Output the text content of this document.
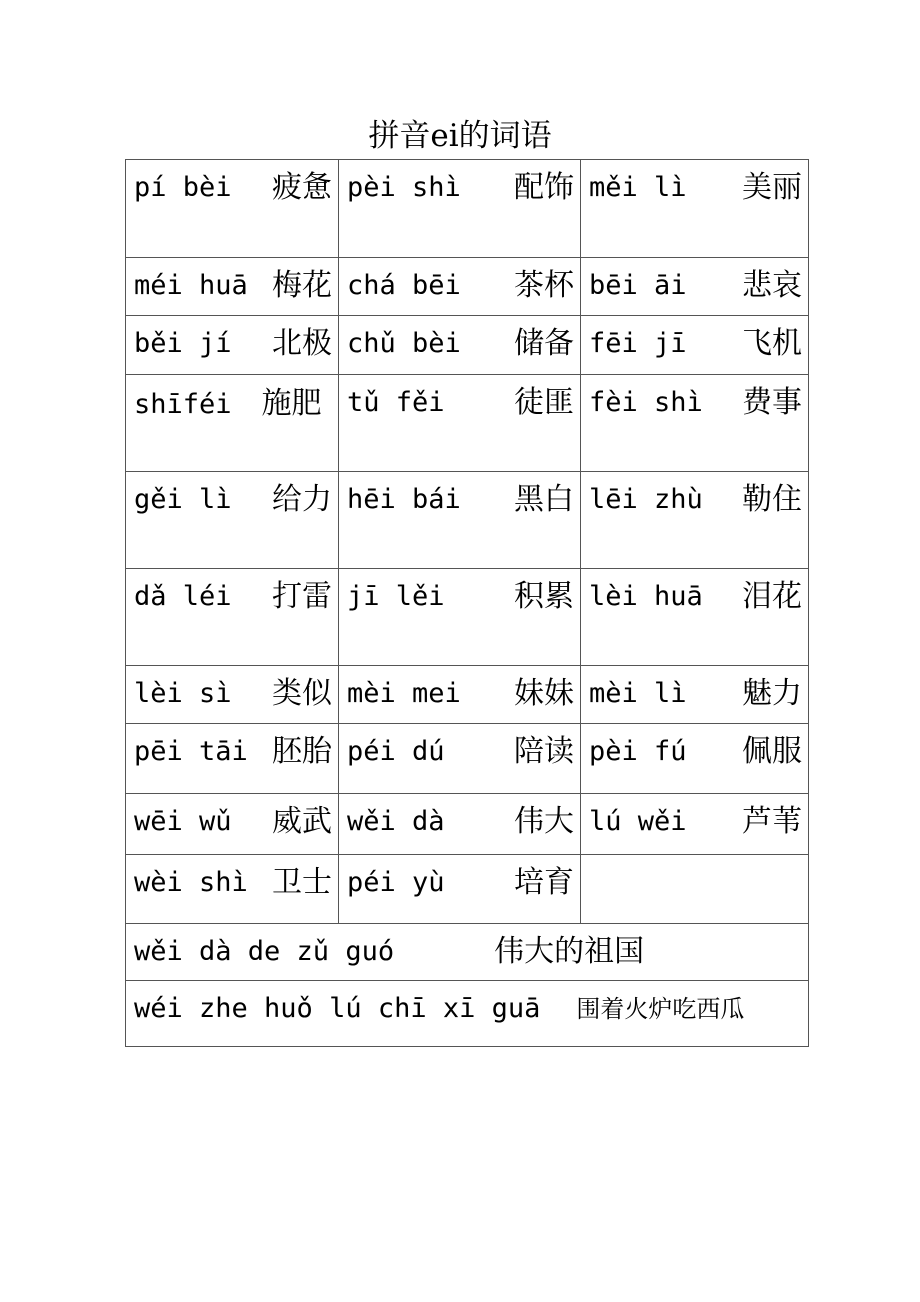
拼音ei的词语
pí bèi 疲惫	pèi shì 配饰	měi lì 美丽

méi huā 梅花	chá bēi 茶杯	bēi āi 悲哀

běi jí 北极	chǔ bèi 储备	fēi jī 飞机

shīféi 施肥	tǔ fěi 徒匪	fèi shì 费事

gěi lì 给力	hēi bái 黑白	lēi zhù 勒住

dǎ léi 打雷	jī lěi 积累	lèi huā 泪花

lèi sì 类似	mèi mei 妹妹	mèi lì 魅力

pēi tāi 胚胎	péi dú 陪读	pèi fú 佩服

wēi wǔ 威武	wěi dà 伟大	lú wěi 芦苇

wèi shì 卫士	péi yù 培育	

wěi dà de zǔ guó 伟大的祖国		

wéi zhe huǒ lú chī xī guā 围着火炉吃西瓜		
